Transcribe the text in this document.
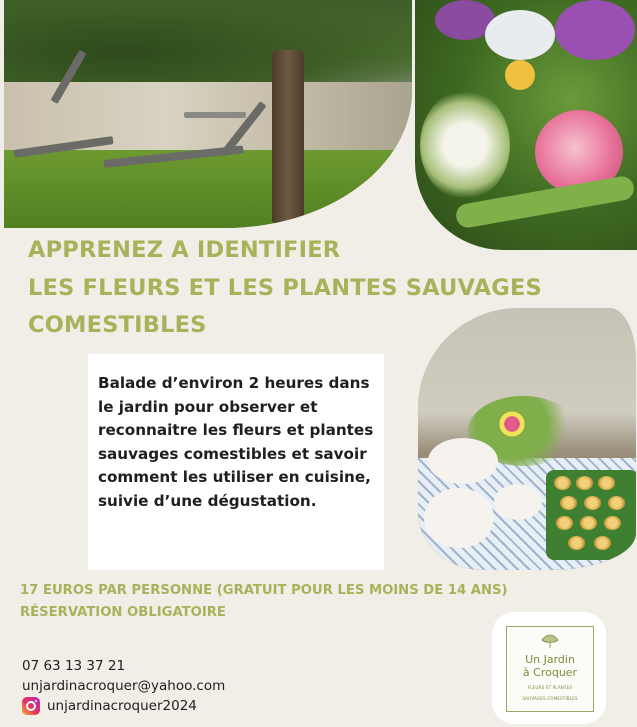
APPRENEZ A IDENTIFIER
LES FLEURS ET LES PLANTES SAUVAGES
COMESTIBLES

Balade d’environ 2 heures dans le jardin pour observer et reconnaitre les fleurs et plantes sauvages comestibles et savoir comment les utiliser en cuisine, suivie d’une dégustation.

17 EUROS PAR PERSONNE (GRATUIT POUR LES MOINS DE 14 ANS)
RÉSERVATION OBLIGATOIRE
07 63 13 37 21
unjardinacroquer@yahoo.com
unjardinacroquer2024
Un Jardin
à Croquer
FLEURS ET PLANTES
SAUVAGES COMESTIBLES
